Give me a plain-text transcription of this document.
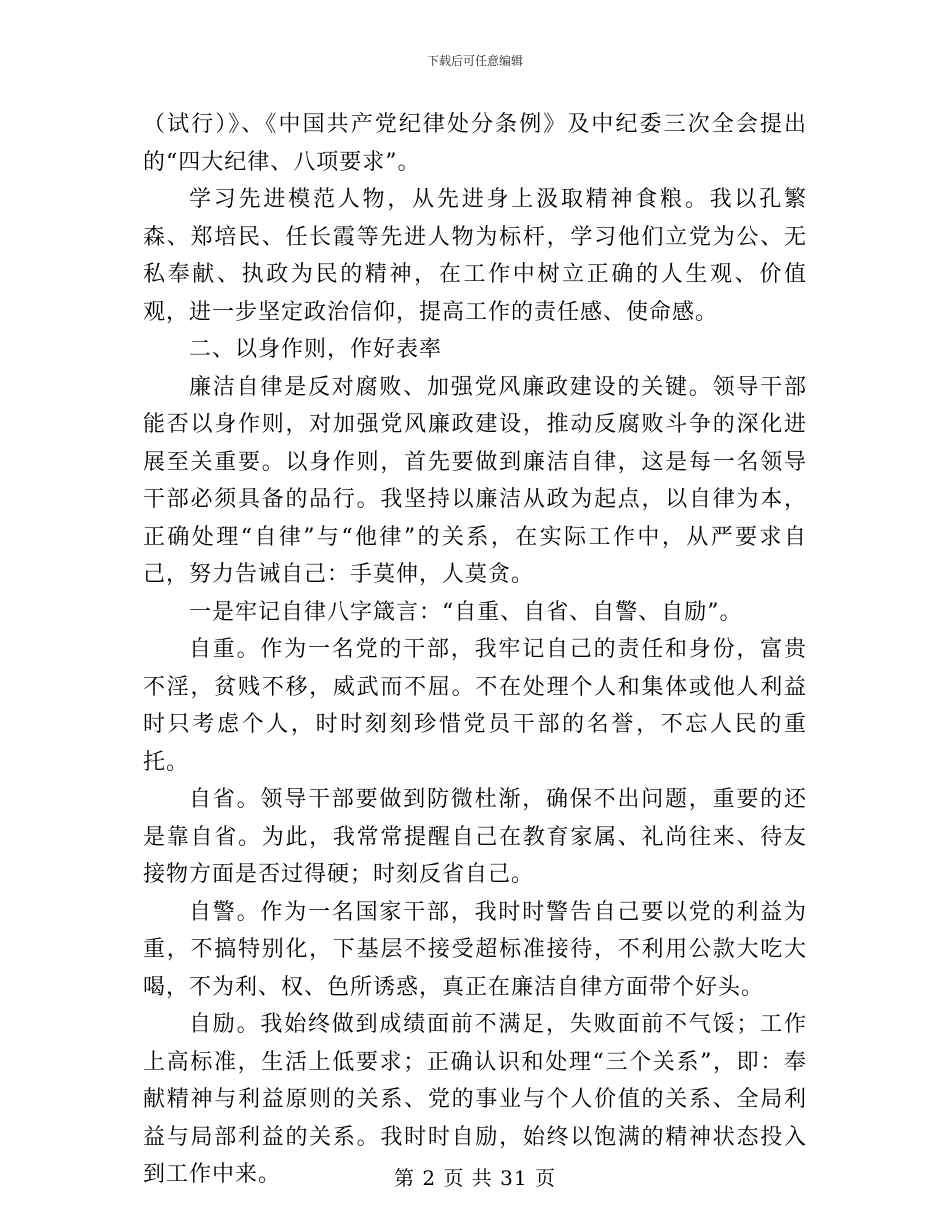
下载后可任意编辑

（试行）》、《中国共产党纪律处分条例》及中纪委三次全会提出的“四大纪律、八项要求”。

学习先进模范人物，从先进身上汲取精神食粮。我以孔繁森、郑培民、任长霞等先进人物为标杆，学习他们立党为公、无私奉献、执政为民的精神，在工作中树立正确的人生观、价值观，进一步坚定政治信仰，提高工作的责任感、使命感。

二、以身作则，作好表率

廉洁自律是反对腐败、加强党风廉政建设的关键。领导干部能否以身作则，对加强党风廉政建设，推动反腐败斗争的深化进展至关重要。以身作则，首先要做到廉洁自律，这是每一名领导干部必须具备的品行。我坚持以廉洁从政为起点，以自律为本，正确处理“自律”与“他律”的关系，在实际工作中，从严要求自己，努力告诫自己：手莫伸，人莫贪。

一是牢记自律八字箴言：“自重、自省、自警、自励”。

自重。作为一名党的干部，我牢记自己的责任和身份，富贵不淫，贫贱不移，威武而不屈。不在处理个人和集体或他人利益时只考虑个人，时时刻刻珍惜党员干部的名誉，不忘人民的重托。

自省。领导干部要做到防微杜渐，确保不出问题，重要的还是靠自省。为此，我常常提醒自己在教育家属、礼尚往来、待友接物方面是否过得硬；时刻反省自己。

自警。作为一名国家干部，我时时警告自己要以党的利益为重，不搞特别化，下基层不接受超标准接待，不利用公款大吃大喝，不为利、权、色所诱惑，真正在廉洁自律方面带个好头。

自励。我始终做到成绩面前不满足，失败面前不气馁；工作上高标准，生活上低要求；正确认识和处理“三个关系”，即：奉献精神与利益原则的关系、党的事业与个人价值的关系、全局利益与局部利益的关系。我时时自励，始终以饱满的精神状态投入到工作中来。	第 2 页 共 31 页
